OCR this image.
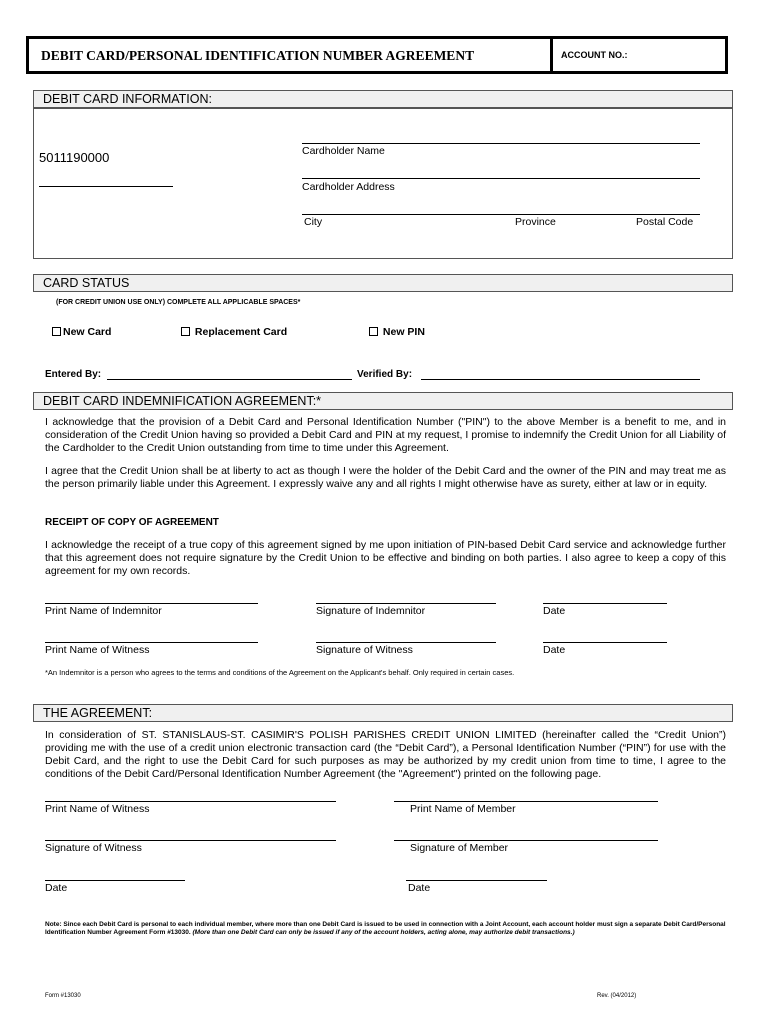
DEBIT CARD/PERSONAL IDENTIFICATION NUMBER AGREEMENT	ACCOUNT NO.:
DEBIT CARD INFORMATION:
5011190000	Cardholder Name
Cardholder Address
City	Province	Postal Code
CARD STATUS
(FOR CREDIT UNION USE ONLY) COMPLETE ALL APPLICABLE SPACES*
New Card	Replacement Card	New PIN
Entered By:	Verified By:
DEBIT CARD INDEMNIFICATION AGREEMENT:*
I acknowledge that the provision of a Debit Card and Personal Identification Number ("PIN") to the above Member is a benefit to me, and in consideration of the Credit Union having so provided a Debit Card and PIN at my request, I promise to indemnify the Credit Union for all Liability of the Cardholder to the Credit Union outstanding from time to time under this Agreement.
I agree that the Credit Union shall be at liberty to act as though I were the holder of the Debit Card and the owner of the PIN and may treat me as the person primarily liable under this Agreement. I expressly waive any and all rights I might otherwise have as surety, either at law or in equity.
RECEIPT OF COPY OF AGREEMENT
I acknowledge the receipt of a true copy of this agreement signed by me upon initiation of PIN-based Debit Card service and acknowledge further that this agreement does not require signature by the Credit Union to be effective and binding on both parties. I also agree to keep a copy of this agreement for my own records.
Print Name of Indemnitor	Signature of Indemnitor	Date
Print Name of Witness	Signature of Witness	Date
*An Indemnitor is a person who agrees to the terms and conditions of the Agreement on the Applicant's behalf. Only required in certain cases.
THE AGREEMENT:
In consideration of ST. STANISLAUS-ST. CASIMIR'S POLISH PARISHES CREDIT UNION LIMITED (hereinafter called the “Credit Union”) providing me with the use of a credit union electronic transaction card (the “Debit Card”), a Personal Identification Number (“PIN”) for use with the Debit Card, and the right to use the Debit Card for such purposes as may be authorized by my credit union from time to time, I agree to the conditions of the Debit Card/Personal Identification Number Agreement (the "Agreement") printed on the following page.
Print Name of Witness	Print Name of Member
Signature of Witness	Signature of Member
Date	Date
Note: Since each Debit Card is personal to each individual member, where more than one Debit Card is issued to be used in connection with a Joint Account, each account holder must sign a separate Debit Card/Personal Identification Number Agreement Form #13030. (More than one Debit Card can only be issued if any of the account holders, acting alone, may authorize debit transactions.)
Form #13030	Rev. (04/2012)
